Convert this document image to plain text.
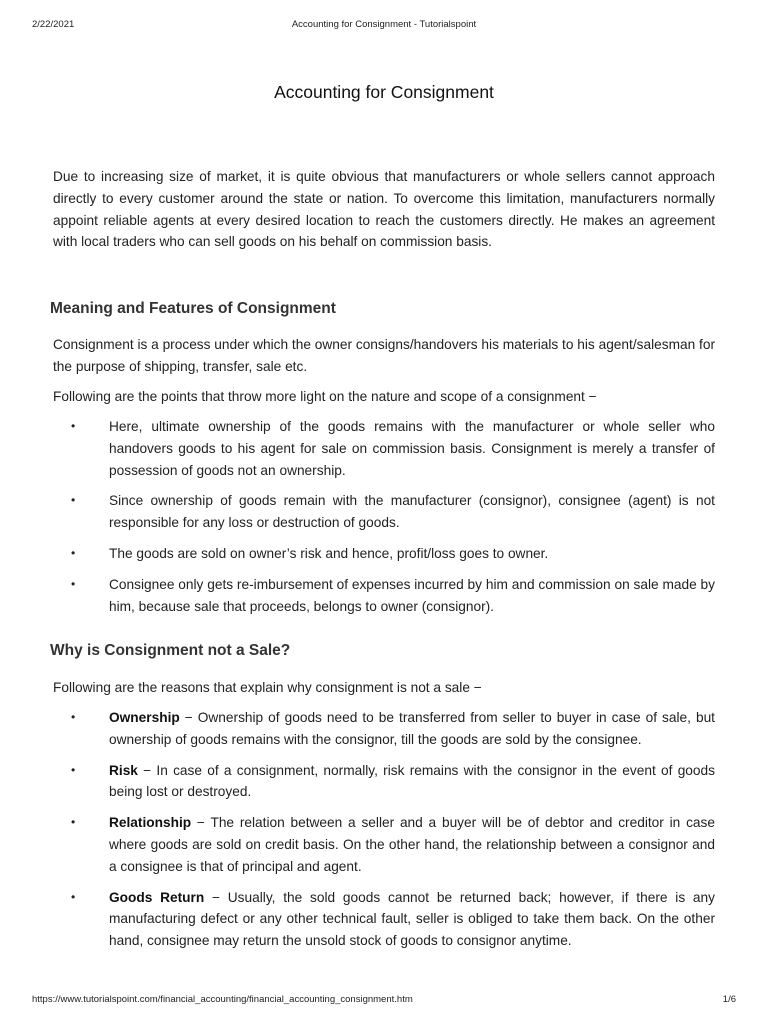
2/22/2021	Accounting for Consignment - Tutorialspoint
Accounting for Consignment

Due to increasing size of market, it is quite obvious that manufacturers or whole sellers cannot approach directly to every customer around the state or nation. To overcome this limitation, manufacturers normally appoint reliable agents at every desired location to reach the customers directly. He makes an agreement with local traders who can sell goods on his behalf on commission basis.

Meaning and Features of Consignment

Consignment is a process under which the owner consigns/handovers his materials to his agent/salesman for the purpose of shipping, transfer, sale etc.

Following are the points that throw more light on the nature and scope of a consignment −

• Here, ultimate ownership of the goods remains with the manufacturer or whole seller who handovers goods to his agent for sale on commission basis. Consignment is merely a transfer of possession of goods not an ownership.
• Since ownership of goods remain with the manufacturer (consignor), consignee (agent) is not responsible for any loss or destruction of goods.
• The goods are sold on owner’s risk and hence, profit/loss goes to owner.
• Consignee only gets re-imbursement of expenses incurred by him and commission on sale made by him, because sale that proceeds, belongs to owner (consignor).
Why is Consignment not a Sale?

Following are the reasons that explain why consignment is not a sale −

• Ownership − Ownership of goods need to be transferred from seller to buyer in case of sale, but ownership of goods remains with the consignor, till the goods are sold by the consignee.
• Risk − In case of a consignment, normally, risk remains with the consignor in the event of goods being lost or destroyed.
• Relationship − The relation between a seller and a buyer will be of debtor and creditor in case where goods are sold on credit basis. On the other hand, the relationship between a consignor and a consignee is that of principal and agent.
• Goods Return − Usually, the sold goods cannot be returned back; however, if there is any manufacturing defect or any other technical fault, seller is obliged to take them back. On the other hand, consignee may return the unsold stock of goods to consignor anytime.
https://www.tutorialspoint.com/financial_accounting/financial_accounting_consignment.htm	1/6
